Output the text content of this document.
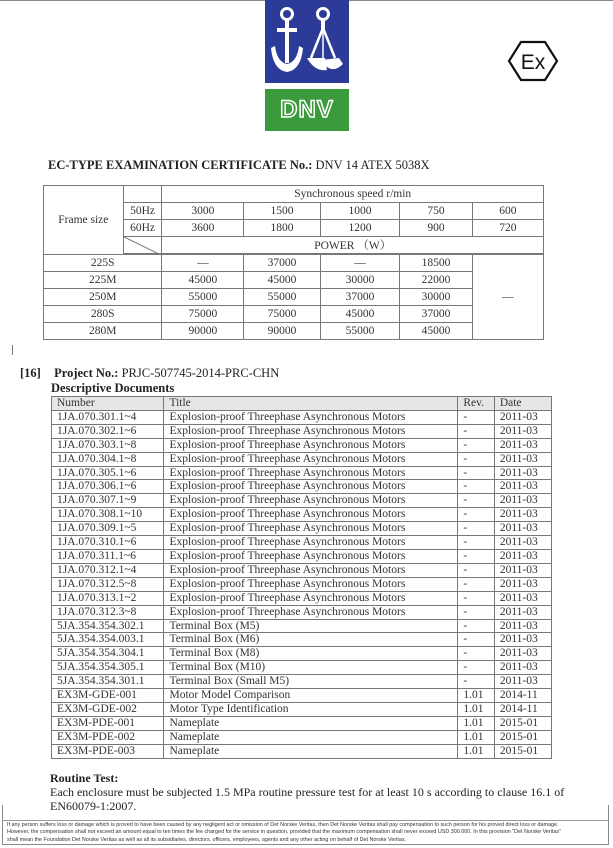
DNV
Ex
EC-TYPE EXAMINATION CERTIFICATE No.: DNV 14 ATEX 5038X
Frame size		Synchronous speed r/min				
	50Hz	3000	1500	1000	750	600
	60Hz	3600	1800	1200	900	720

	POWER （W）				
225S		—	37000	—	18500	—
225M		45000	45000	30000	22000	
250M		55000	55000	37000	30000	
280S		75000	75000	45000	37000	
280M		90000	90000	55000	45000	
[16] Project No.: PRJC-507745-2014-PRC-CHN
Descriptive Documents
Number	Title	Rev.	Date
1JA.070.301.1~4	Explosion-proof Threephase Asynchronous Motors	-	2011-03
1JA.070.302.1~6	Explosion-proof Threephase Asynchronous Motors	-	2011-03
1JA.070.303.1~8	Explosion-proof Threephase Asynchronous Motors	-	2011-03
1JA.070.304.1~8	Explosion-proof Threephase Asynchronous Motors	-	2011-03
1JA.070.305.1~6	Explosion-proof Threephase Asynchronous Motors	-	2011-03
1JA.070.306.1~6	Explosion-proof Threephase Asynchronous Motors	-	2011-03
1JA.070.307.1~9	Explosion-proof Threephase Asynchronous Motors	-	2011-03
1JA.070.308.1~10	Explosion-proof Threephase Asynchronous Motors	-	2011-03
1JA.070.309.1~5	Explosion-proof Threephase Asynchronous Motors	-	2011-03
1JA.070.310.1~6	Explosion-proof Threephase Asynchronous Motors	-	2011-03
1JA.070.311.1~6	Explosion-proof Threephase Asynchronous Motors	-	2011-03
1JA.070.312.1~4	Explosion-proof Threephase Asynchronous Motors	-	2011-03
1JA.070.312.5~8	Explosion-proof Threephase Asynchronous Motors	-	2011-03
1JA.070.313.1~2	Explosion-proof Threephase Asynchronous Motors	-	2011-03
1JA.070.312.3~8	Explosion-proof Threephase Asynchronous Motors	-	2011-03
5JA.354.354.302.1	Terminal Box (M5)	-	2011-03
5JA.354.354.003.1	Terminal Box (M6)	-	2011-03
5JA.354.354.304.1	Terminal Box (M8)	-	2011-03
5JA.354.354.305.1	Terminal Box (M10)	-	2011-03
5JA.354.354.301.1	Terminal Box (Small M5)	-	2011-03
EX3M-GDE-001	Motor Model Comparison	1.01	2014-11
EX3M-GDE-002	Motor Type Identification	1.01	2014-11
EX3M-PDE-001	Nameplate	1.01	2015-01
EX3M-PDE-002	Nameplate	1.01	2015-01
EX3M-PDE-003	Nameplate	1.01	2015-01
Routine Test:
Each enclosure must be subjected 1.5 MPa routine pressure test for at least 10 s according to clause 16.1 of EN60079-1:2007.
If any person suffers loss or damage which is proved to have been caused by any negligent act or omission of Det Norske Veritas, then Det Norske Veritas shall pay compensation to such person for his proved direct loss or damage.
However, the compensation shall not exceed an amount equal to ten times the fee charged for the service in question, provided that the maximum compensation shall never exceed USD 300.000. In this provision "Det Norske Veritas"
shall mean the Foundation Det Norske Veritas as well as all its subsidiaries, directors, officers, employees, agents and any other acting on behalf of Det Norske Veritas.
